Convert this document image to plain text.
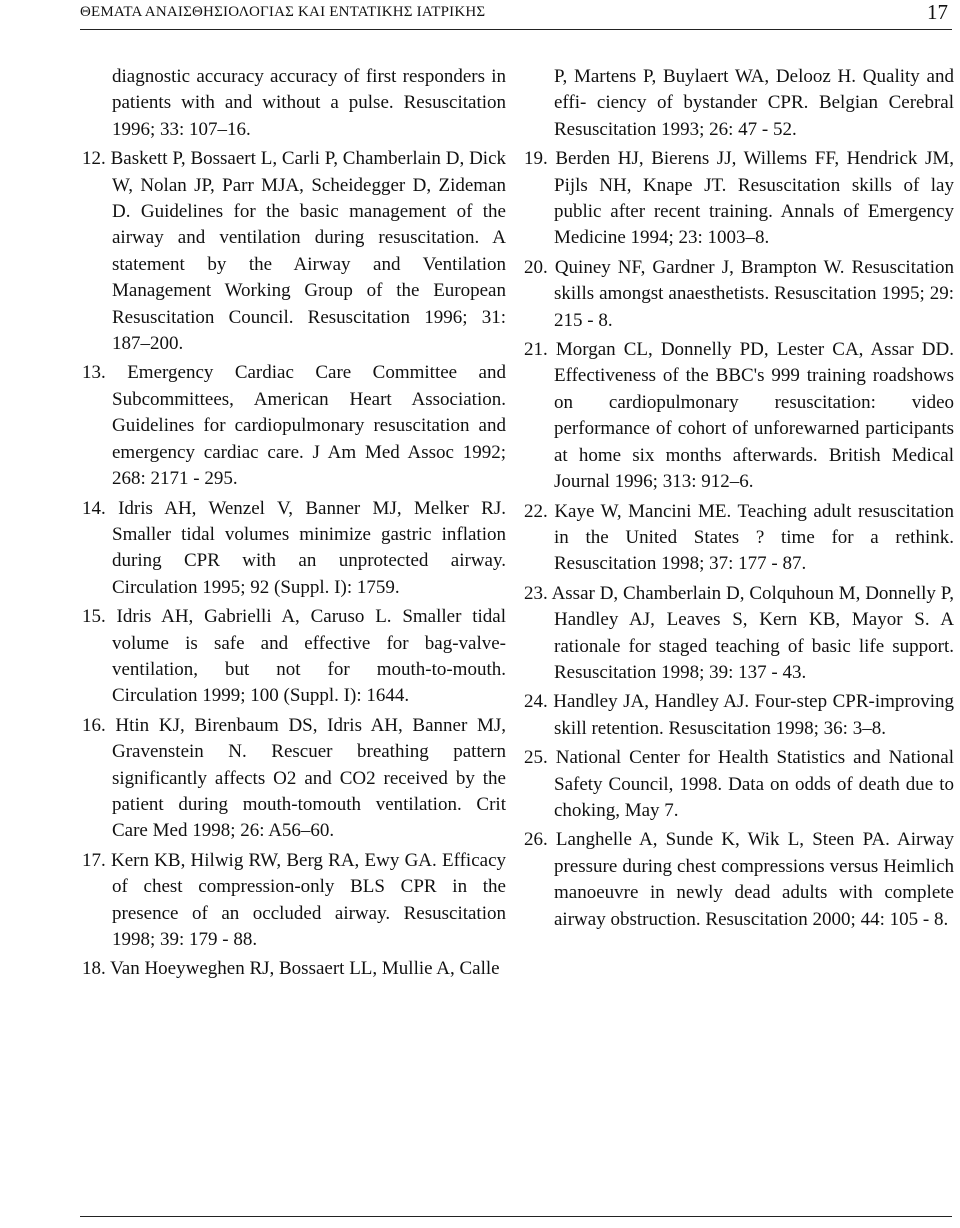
ΘΕΜΑΤΑ ΑΝΑΙΣΘΗΣΙΟΛΟΓΙΑΣ ΚΑΙ ΕΝΤΑΤΙΚΗΣ ΙΑΤΡΙΚΗΣ	17

diagnostic accuracy accuracy of first responders in patients with and without a pulse. Resuscitation 1996; 33: 107–16.

12. Baskett P, Bossaert L, Carli P, Chamberlain D, Dick W, Nolan JP, Parr MJA, Scheidegger D, Zideman D. Guidelines for the basic management of the airway and ventilation during resuscitation. A statement by the Airway and Ventilation Management Working Group of the European Resuscitation Council. Resuscitation 1996; 31: 187–200.

13. Emergency Cardiac Care Committee and Subcommittees, American Heart Association. Guidelines for cardiopulmonary resuscitation and emergency cardiac care. J Am Med Assoc 1992; 268: 2171 - 295.

14. Idris AH, Wenzel V, Banner MJ, Melker RJ. Smaller tidal volumes minimize gastric inflation during CPR with an unprotected airway. Circulation 1995; 92 (Suppl. I): 1759.

15. Idris AH, Gabrielli A, Caruso L. Smaller tidal volume is safe and effective for bag-valve-ventilation, but not for mouth-to-mouth. Circulation 1999; 100 (Suppl. I): 1644.

16. Htin KJ, Birenbaum DS, Idris AH, Banner MJ, Gravenstein N. Rescuer breathing pattern significantly affects O2 and CO2 received by the patient during mouth-tomouth ventilation. Crit Care Med 1998; 26: A56–60.

17. Kern KB, Hilwig RW, Berg RA, Ewy GA. Efficacy of chest compression-only BLS CPR in the presence of an occluded airway. Resuscitation 1998; 39: 179 - 88.

18. Van Hoeyweghen RJ, Bossaert LL, Mullie A, Calle

P, Martens P, Buylaert WA, Delooz H. Quality and effi- ciency of bystander CPR. Belgian Cerebral Resuscitation 1993; 26: 47 - 52.

19. Berden HJ, Bierens JJ, Willems FF, Hendrick JM, Pijls NH, Knape JT. Resuscitation skills of lay public after recent training. Annals of Emergency Medicine 1994; 23: 1003–8.

20. Quiney NF, Gardner J, Brampton W. Resuscitation skills amongst anaesthetists. Resuscitation 1995; 29: 215 - 8.

21. Morgan CL, Donnelly PD, Lester CA, Assar DD. Effectiveness of the BBC's 999 training roadshows on cardiopulmonary resuscitation: video performance of cohort of unforewarned participants at home six months afterwards. British Medical Journal 1996; 313: 912–6.

22. Kaye W, Mancini ME. Teaching adult resuscitation in the United States ? time for a rethink. Resuscitation 1998; 37: 177 - 87.

23. Assar D, Chamberlain D, Colquhoun M, Donnelly P, Handley AJ, Leaves S, Kern KB, Mayor S. A rationale for staged teaching of basic life support. Resuscitation 1998; 39: 137 - 43.

24. Handley JA, Handley AJ. Four-step CPR-improving skill retention. Resuscitation 1998; 36: 3–8.

25. National Center for Health Statistics and National Safety Council, 1998. Data on odds of death due to choking, May 7.

26. Langhelle A, Sunde K, Wik L, Steen PA. Airway pressure during chest compressions versus Heimlich manoeuvre in newly dead adults with complete airway obstruction. Resuscitation 2000; 44: 105 - 8.
